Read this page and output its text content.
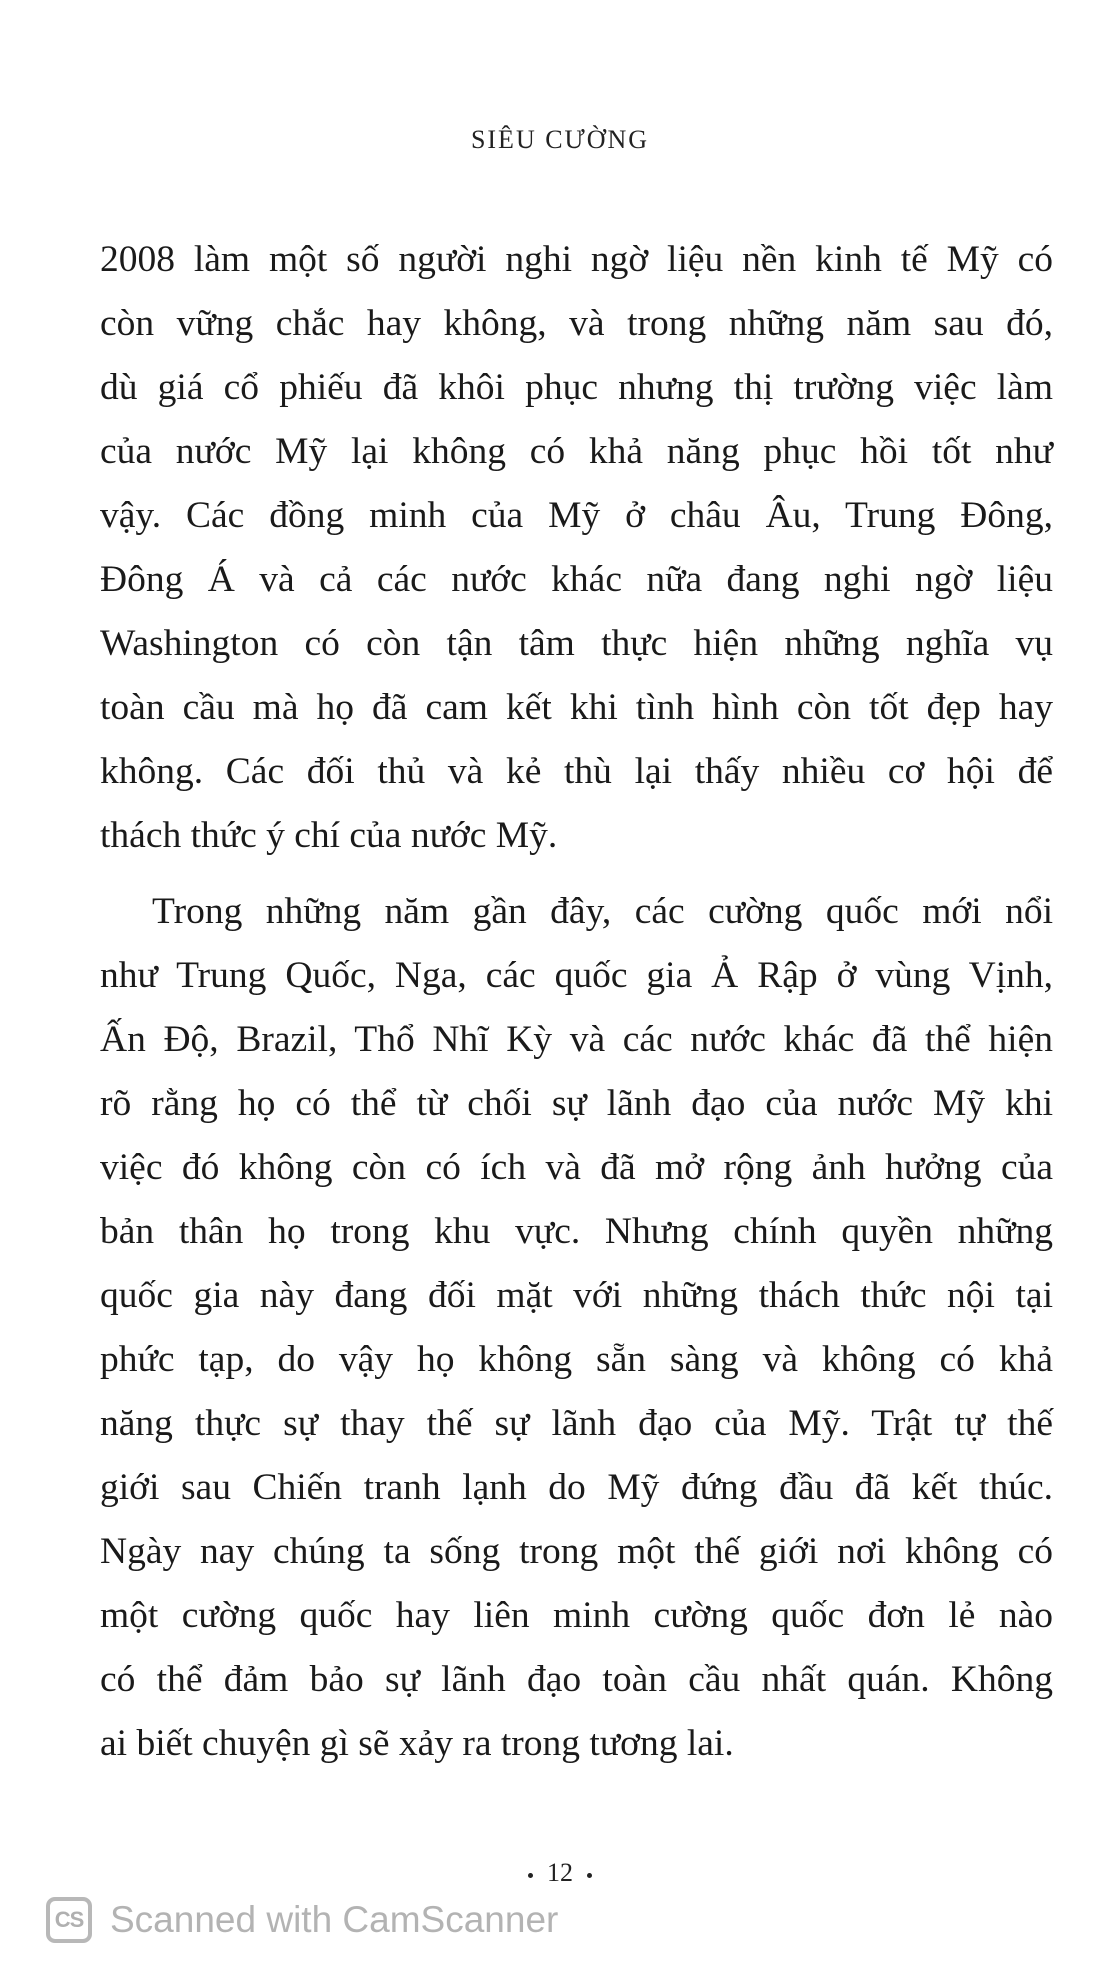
SIÊU CƯỜNG
2008 làm một số người nghi ngờ liệu nền kinh tế Mỹ có
còn vững chắc hay không, và trong những năm sau đó,
dù giá cổ phiếu đã khôi phục nhưng thị trường việc làm
của nước Mỹ lại không có khả năng phục hồi tốt như
vậy. Các đồng minh của Mỹ ở châu Âu, Trung Đông,
Đông Á và cả các nước khác nữa đang nghi ngờ liệu
Washington có còn tận tâm thực hiện những nghĩa vụ
toàn cầu mà họ đã cam kết khi tình hình còn tốt đẹp hay
không. Các đối thủ và kẻ thù lại thấy nhiều cơ hội để
thách thức ý chí của nước Mỹ.
Trong những năm gần đây, các cường quốc mới nổi
như Trung Quốc, Nga, các quốc gia Ả Rập ở vùng Vịnh,
Ấn Độ, Brazil, Thổ Nhĩ Kỳ và các nước khác đã thể hiện
rõ rằng họ có thể từ chối sự lãnh đạo của nước Mỹ khi
việc đó không còn có ích và đã mở rộng ảnh hưởng của
bản thân họ trong khu vực. Nhưng chính quyền những
quốc gia này đang đối mặt với những thách thức nội tại
phức tạp, do vậy họ không sẵn sàng và không có khả
năng thực sự thay thế sự lãnh đạo của Mỹ. Trật tự thế
giới sau Chiến tranh lạnh do Mỹ đứng đầu đã kết thúc.
Ngày nay chúng ta sống trong một thế giới nơi không có
một cường quốc hay liên minh cường quốc đơn lẻ nào
có thể đảm bảo sự lãnh đạo toàn cầu nhất quán. Không
ai biết chuyện gì sẽ xảy ra trong tương lai.
12
CS Scanned with CamScanner
